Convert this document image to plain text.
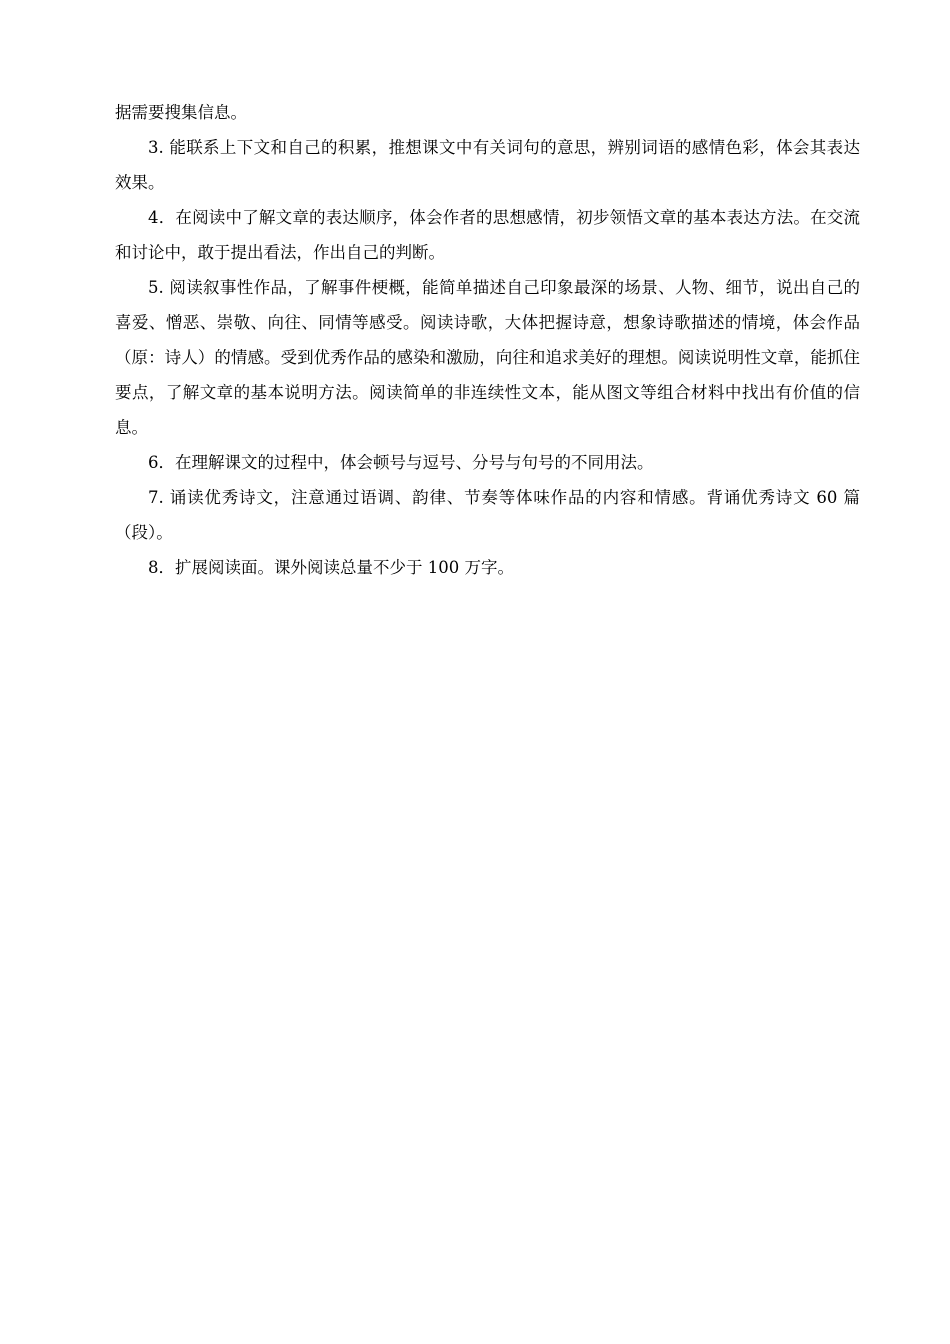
据需要搜集信息。

3. 能联系上下文和自己的积累，推想课文中有关词句的意思，辨别词语的感情色彩，体会其表达效果。

4．在阅读中了解文章的表达顺序，体会作者的思想感情，初步领悟文章的基本表达方法。在交流和讨论中，敢于提出看法，作出自己的判断。

5. 阅读叙事性作品，了解事件梗概，能简单描述自己印象最深的场景、人物、细节，说出自己的喜爱、憎恶、崇敬、向往、同情等感受。阅读诗歌，大体把握诗意，想象诗歌描述的情境，体会作品（原：诗人）的情感。受到优秀作品的感染和激励，向往和追求美好的理想。阅读说明性文章，能抓住要点，了解文章的基本说明方法。阅读简单的非连续性文本，能从图文等组合材料中找出有价值的信息。

6．在理解课文的过程中，体会顿号与逗号、分号与句号的不同用法。

7. 诵读优秀诗文，注意通过语调、韵律、节奏等体味作品的内容和情感。背诵优秀诗文 60 篇（段）。

8．扩展阅读面。课外阅读总量不少于 100 万字。
